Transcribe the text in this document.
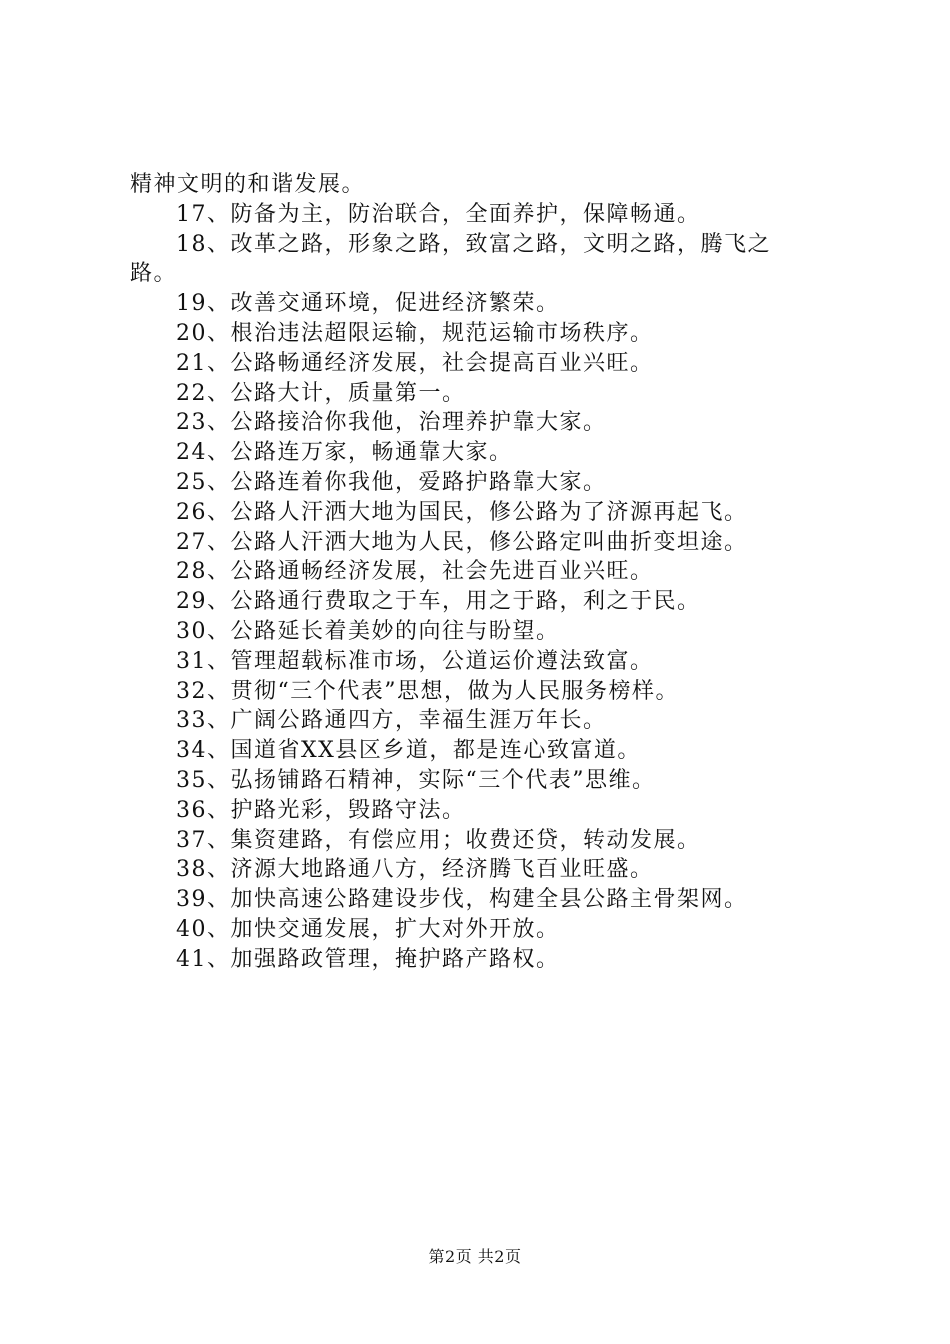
精神文明的和谐发展。
17、防备为主，防治联合，全面养护，保障畅通。
18、改革之路，形象之路，致富之路，文明之路，腾飞之
路。
19、改善交通环境，促进经济繁荣。
20、根治违法超限运输，规范运输市场秩序。
21、公路畅通经济发展，社会提高百业兴旺。
22、公路大计，质量第一。
23、公路接洽你我他，治理养护靠大家。
24、公路连万家，畅通靠大家。
25、公路连着你我他，爱路护路靠大家。
26、公路人汗洒大地为国民，修公路为了济源再起飞。
27、公路人汗洒大地为人民，修公路定叫曲折变坦途。
28、公路通畅经济发展，社会先进百业兴旺。
29、公路通行费取之于车，用之于路，利之于民。
30、公路延长着美妙的向往与盼望。
31、管理超载标准市场，公道运价遵法致富。
32、贯彻“三个代表”思想，做为人民服务榜样。
33、广阔公路通四方，幸福生涯万年长。
34、国道省XX县区乡道，都是连心致富道。
35、弘扬铺路石精神，实际“三个代表”思维。
36、护路光彩，毁路守法。
37、集资建路，有偿应用；收费还贷，转动发展。
38、济源大地路通八方，经济腾飞百业旺盛。
39、加快高速公路建设步伐，构建全县公路主骨架网。
40、加快交通发展，扩大对外开放。
41、加强路政管理，掩护路产路权。
第2页 共2页
